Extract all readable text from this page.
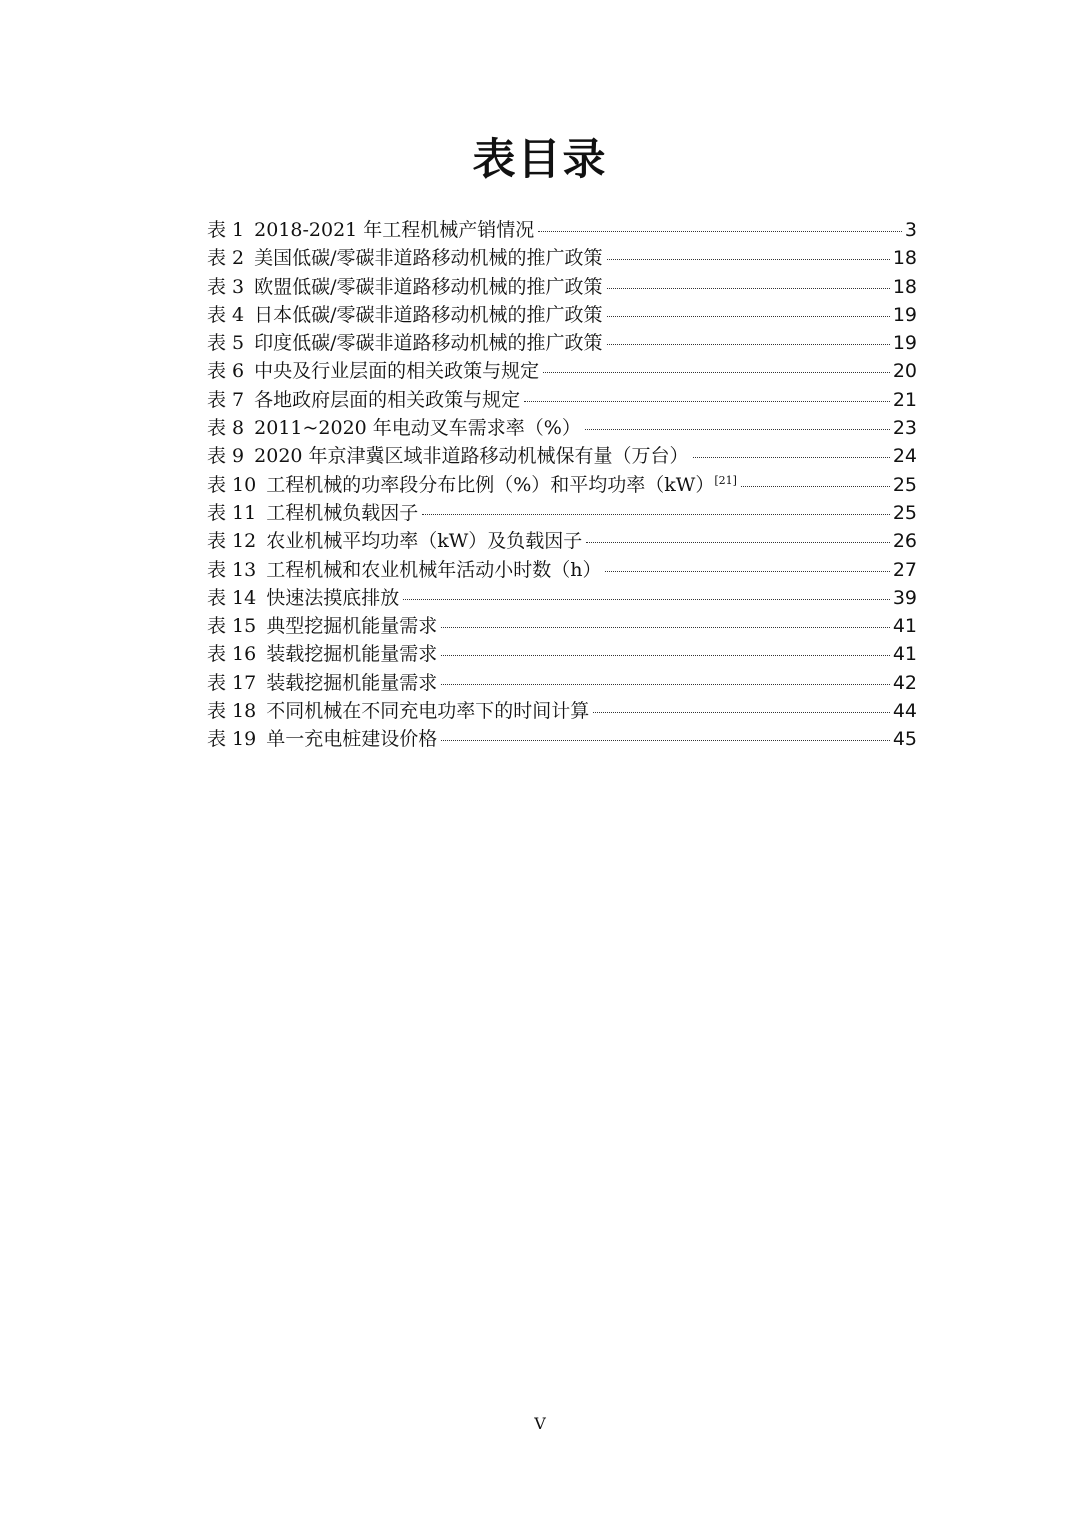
表目录
表 1 2018-2021 年工程机械产销情况	3
表 2 美国低碳/零碳非道路移动机械的推广政策	18
表 3 欧盟低碳/零碳非道路移动机械的推广政策	18
表 4 日本低碳/零碳非道路移动机械的推广政策	19
表 5 印度低碳/零碳非道路移动机械的推广政策	19
表 6 中央及行业层面的相关政策与规定	20
表 7 各地政府层面的相关政策与规定	21
表 8 2011~2020 年电动叉车需求率（%）	23
表 9 2020 年京津冀区域非道路移动机械保有量（万台）	24
表 10 工程机械的功率段分布比例（%）和平均功率（kW）[21]	25
表 11 工程机械负载因子	25
表 12 农业机械平均功率（kW）及负载因子	26
表 13 工程机械和农业机械年活动小时数（h）	27
表 14 快速法摸底排放	39
表 15 典型挖掘机能量需求	41
表 16 装载挖掘机能量需求	41
表 17 装载挖掘机能量需求	42
表 18 不同机械在不同充电功率下的时间计算	44
表 19 单一充电桩建设价格	45
V
